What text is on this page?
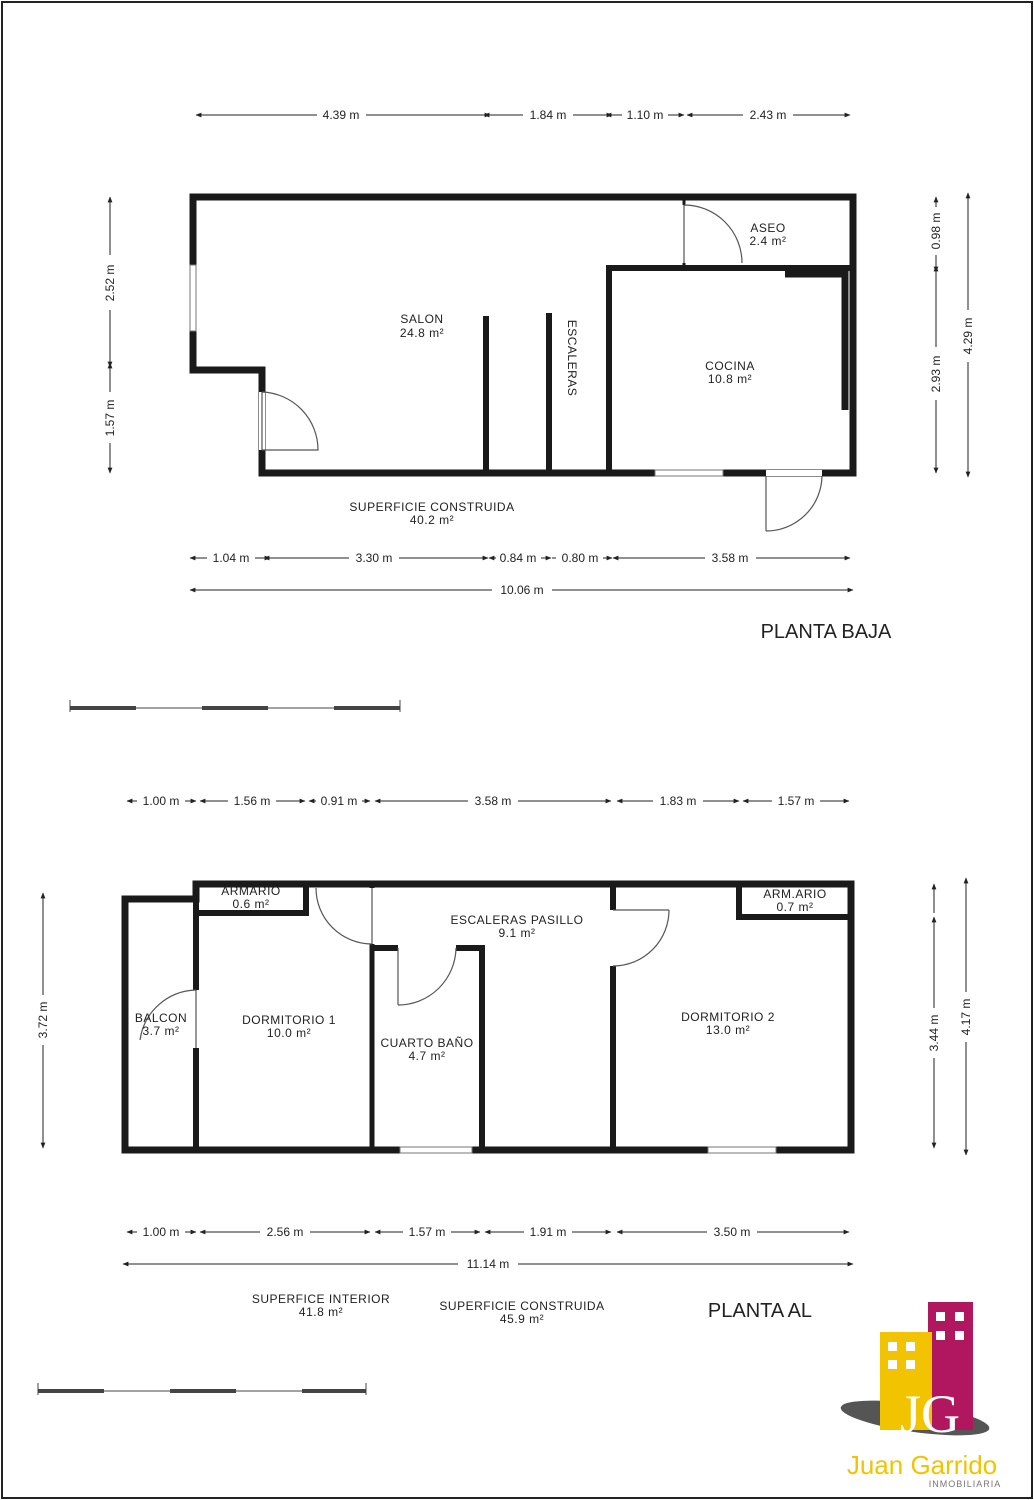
ASEO
2.4 m²
SALON
24.8 m²	ESCALERAS	COCINA
10.8 m²
SUPERFICIE CONSTRUIDA
40.2 m²
4.39 m	1.84 m	1.10 m	2.43 m
1.04 m	3.30 m	0.84 m 0.80 m	3.58 m
10.06 m
2.52 m
1.57 m
0.98 m
2.93 m
4.29 m
PLANTA BAJA
ARMARIO
0.6 m²
ARM.ARIO
0.7 m²
ESCALERAS PASILLO
9.1 m²
BALCON
3.7 m²
DORMITORIO 1
10.0 m²
CUARTO BAÑO
4.7 m²
DORMITORIO 2
13.0 m²
1.00 m	1.56 m	0.91 m	3.58 m	1.83 m	1.57 m
1.00 m	2.56 m	1.57 m	1.91 m	3.50 m
11.14 m
3.72 m	3.44 m 4.17 m
SUPERFICE INTERIOR
41.8 m²	SUPERFICIE CONSTRUIDA
45.9 m²	PLANTA AL
JG
Juan Garrido
INMOBILIARIA
